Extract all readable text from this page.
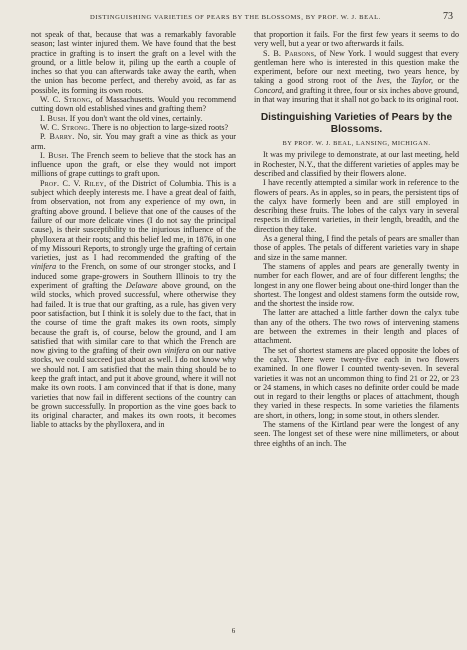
DISTINGUISHING VARIETIES OF PEARS BY THE BLOSSOMS, BY PROF. W. J. BEAL.	73

not speak of that, because that was a remarkably favorable season; last winter injured them. We have found that the best practice in grafting is to insert the graft on a level with the ground, or a little below it, piling up the earth a couple of inches so that you can afterwards take away the earth, when the union has become perfect, and thereby avoid, as far as possible, its forming its own roots.

W. C. Strong, of Massachusetts. Would you recommend cutting down old established vines and grafting them?

I. Bush. If you don't want the old vines, certainly.

W. C. Strong. There is no objection to large-sized roots?

P. Barry. No, sir. You may graft a vine as thick as your arm.

I. Bush. The French seem to believe that the stock has an influence upon the graft, or else they would not import millions of grape cuttings to graft upon.

Prof. C. V. Riley, of the District of Columbia. This is a subject which deeply interests me. I have a great deal of faith, from observation, not from any experience of my own, in grafting above ground. I believe that one of the causes of the failure of our more delicate vines (I do not say the principal cause), is their susceptibility to the injurious influence of the phylloxera at their roots; and this belief led me, in 1876, in one of my Missouri Reports, to strongly urge the grafting of certain varieties, just as I had recommended the grafting of the vinifera to the French, on some of our stronger stocks, and I induced some grape-growers in Southern Illinois to try the experiment of grafting the Delaware above ground, on the wild stocks, which proved successful, where otherwise they had failed. It is true that our grafting, as a rule, has given very poor satisfaction, but I think it is solely due to the fact, that in the course of time the graft makes its own roots, simply because the graft is, of course, below the ground, and I am satisfied that with similar care to that which the French are now giving to the grafting of their own vinifera on our native stocks, we could succeed just about as well. I do not know why we should not. I am satisfied that the main thing should be to keep the graft intact, and put it above ground, where it will not make its own roots. I am convinced that if that is done, many varieties that now fail in different sections of the country can be grown successfully. In proportion as the vine goes back to its original character, and makes its own roots, it becomes liable to attacks by the phylloxera, and in

that proportion it fails. For the first few years it seems to do very well, but a year or two afterwards it fails.

S. B. Parsons, of New York. I would suggest that every gentleman here who is interested in this question make the experiment, before our next meeting, two years hence, by taking a good strong root of the Ives, the Taylor, or the Concord, and grafting it three, four or six inches above ground, in that way insuring that it shall not go back to its original root.

Distinguishing Varieties of Pears by the Blossoms.
BY PROF. W. J. BEAL, LANSING, MICHIGAN.

It was my privilege to demonstrate, at our last meeting, held in Rochester, N.Y., that the different varieties of apples may be described and classified by their flowers alone.

I have recently attempted a similar work in reference to the flowers of pears. As in apples, so in pears, the persistent tips of the calyx have formerly been and are still employed in describing these fruits. The lobes of the calyx vary in several respects in different varieties, in their length, breadth, and the direction they take.

As a general thing, I find the petals of pears are smaller than those of apples. The petals of different varieties vary in shape and size in the same manner.

The stamens of apples and pears are generally twenty in number for each flower, and are of four different lengths; the longest in any one flower being about one-third longer than the shortest. The longest and oldest stamens form the outside row, and the shortest the inside row.

The latter are attached a little farther down the calyx tube than any of the others. The two rows of intervening stamens are between the extremes in their length and places of attachment.

The set of shortest stamens are placed opposite the lobes of the calyx. There were twenty-five each in two flowers examined. In one flower I counted twenty-seven. In several varieties it was not an uncommon thing to find 21 or 22, or 23 or 24 stamens, in which cases no definite order could be made out in regard to their lengths or places of attachment, though they varied in these respects. In some varieties the filaments are short, in others, long; in some stout, in others slender.

The stamens of the Kirtland pear were the longest of any seen. The longest set of these were nine millimeters, or about three eighths of an inch. The

6
